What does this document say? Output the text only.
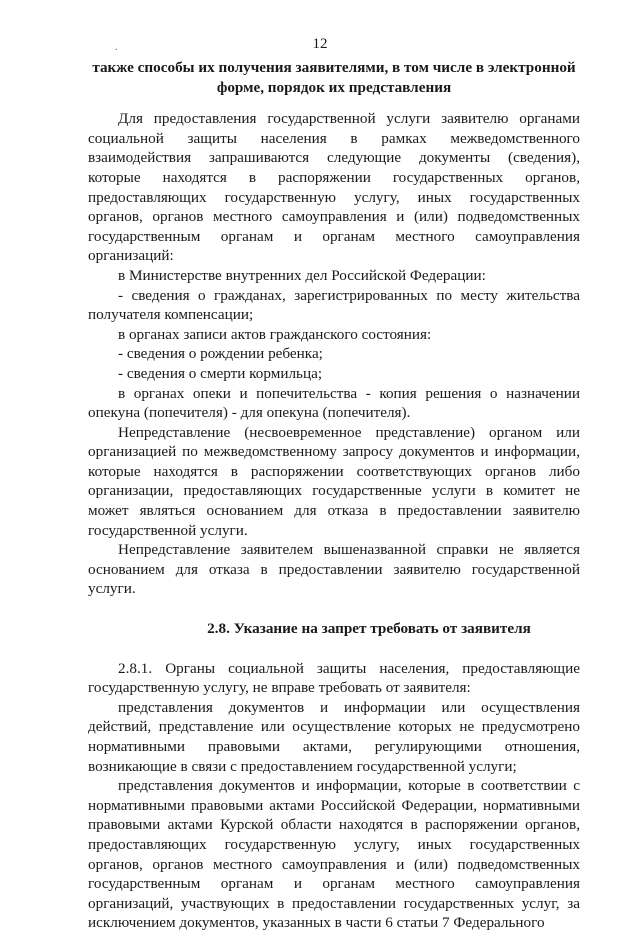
12
.

также способы их получения заявителями, в том числе в электронной форме, порядок их представления

Для предоставления государственной услуги заявителю органами социальной защиты населения в рамках межведомственного взаимодействия запрашиваются следующие документы (сведения), которые находятся в распоряжении государственных органов, предоставляющих государственную услугу, иных государственных органов, органов местного самоуправления и (или) подведомственных государственным органам и органам местного самоуправления организаций:

в Министерстве внутренних дел Российской Федерации:

- сведения о гражданах, зарегистрированных по месту жительства получателя компенсации;

в органах записи актов гражданского состояния:

- сведения о рождении ребенка;

- сведения о смерти кормильца;

в органах опеки и попечительства - копия решения о назначении опекуна (попечителя) - для опекуна (попечителя).

Непредставление (несвоевременное представление) органом или организацией по межведомственному запросу документов и информации, которые находятся в распоряжении соответствующих органов либо организации, предоставляющих государственные услуги в комитет не может являться основанием для отказа в предоставлении заявителю государственной услуги.

Непредставление заявителем вышеназванной справки не является основанием для отказа в предоставлении заявителю государственной услуги.

2.8. Указание на запрет требовать от заявителя

2.8.1. Органы социальной защиты населения, предоставляющие государственную услугу, не вправе требовать от заявителя:

представления документов и информации или осуществления действий, представление или осуществление которых не предусмотрено нормативными правовыми актами, регулирующими отношения, возникающие в связи с предоставлением государственной услуги;

представления документов и информации, которые в соответствии с нормативными правовыми актами Российской Федерации, нормативными правовыми актами Курской области находятся в распоряжении органов, предоставляющих государственную услугу, иных государственных органов, органов местного самоуправления и (или) подведомственных государственным органам и органам местного самоуправления организаций, участвующих в предоставлении государственных услуг, за исключением документов, указанных в части 6 статьи 7 Федерального
